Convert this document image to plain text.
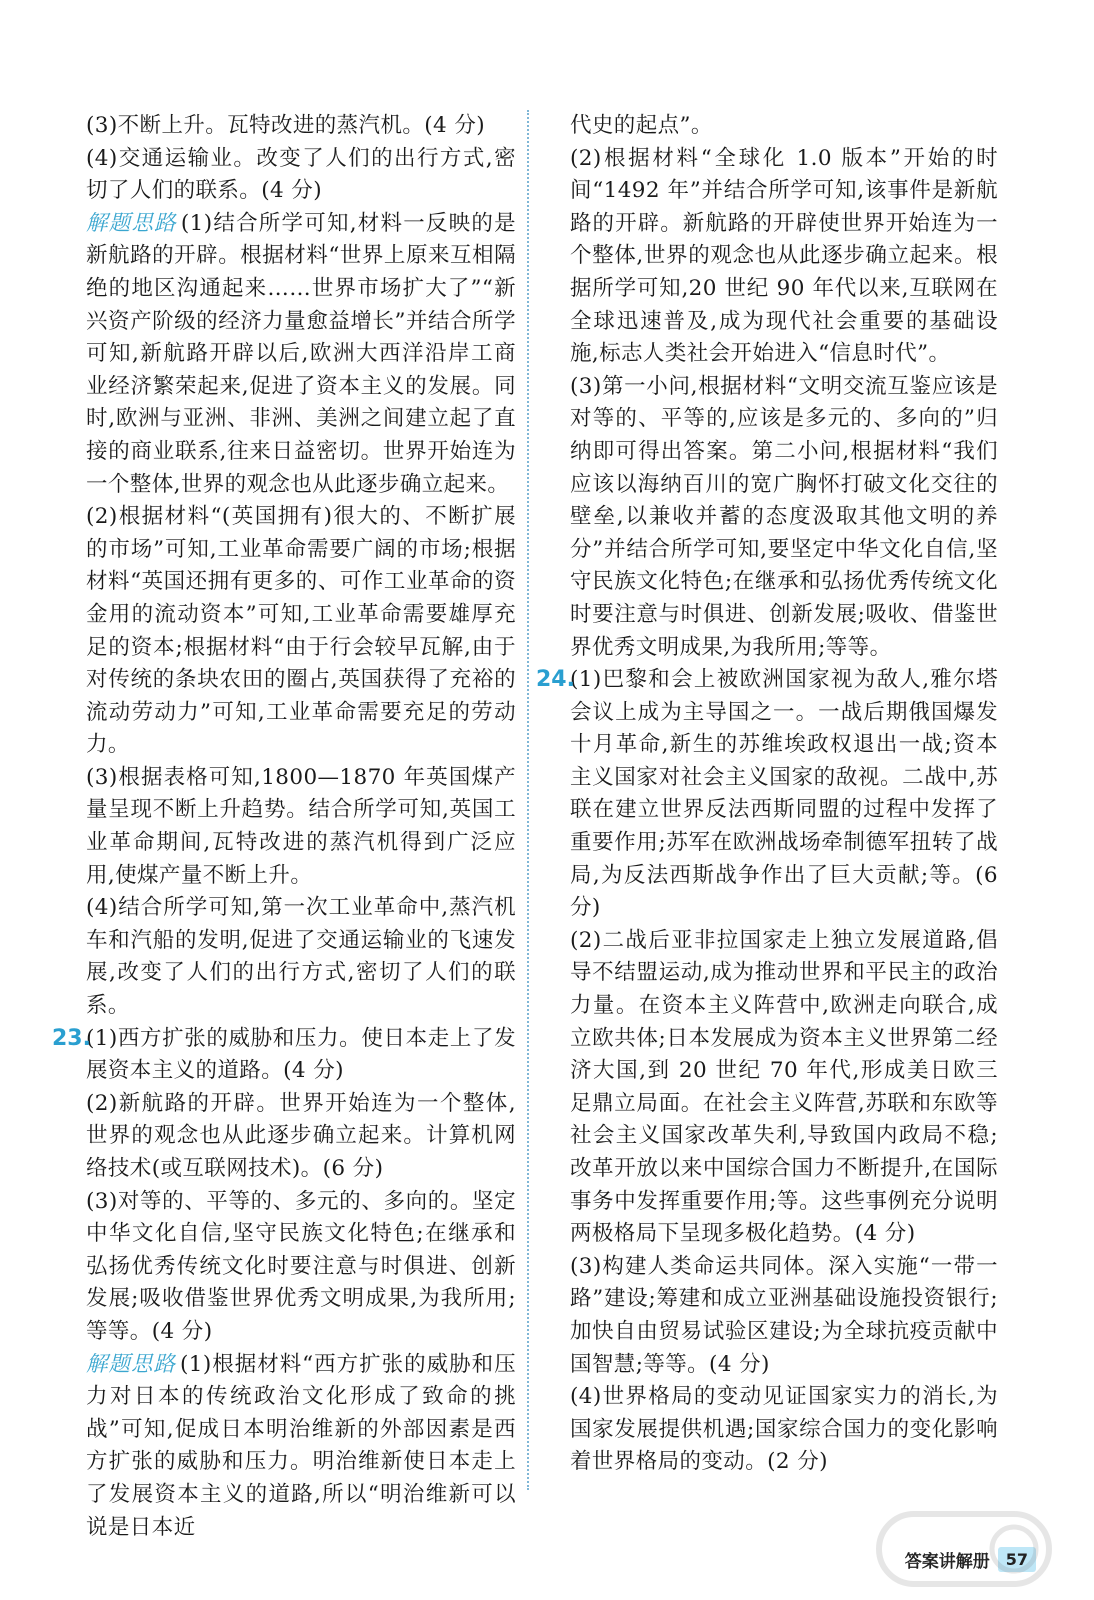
(3)不断上升。瓦特改进的蒸汽机。(4 分)

(4)交通运输业。改变了人们的出行方式,密切了人们的联系。(4 分)

解题思路 (1)结合所学可知,材料一反映的是新航路的开辟。根据材料“世界上原来互相隔绝的地区沟通起来……世界市场扩大了”“新兴资产阶级的经济力量愈益增长”并结合所学可知,新航路开辟以后,欧洲大西洋沿岸工商业经济繁荣起来,促进了资本主义的发展。同时,欧洲与亚洲、非洲、美洲之间建立起了直接的商业联系,往来日益密切。世界开始连为一个整体,世界的观念也从此逐步确立起来。

(2)根据材料“(英国拥有)很大的、不断扩展的市场”可知,工业革命需要广阔的市场;根据材料“英国还拥有更多的、可作工业革命的资金用的流动资本”可知,工业革命需要雄厚充足的资本;根据材料“由于行会较早瓦解,由于对传统的条块农田的圈占,英国获得了充裕的流动劳动力”可知,工业革命需要充足的劳动力。

(3)根据表格可知,1800—1870 年英国煤产量呈现不断上升趋势。结合所学可知,英国工业革命期间,瓦特改进的蒸汽机得到广泛应用,使煤产量不断上升。

(4)结合所学可知,第一次工业革命中,蒸汽机车和汽船的发明,促进了交通运输业的飞速发展,改变了人们的出行方式,密切了人们的联系。

23.

(1)西方扩张的威胁和压力。使日本走上了发展资本主义的道路。(4 分)

(2)新航路的开辟。世界开始连为一个整体,世界的观念也从此逐步确立起来。计算机网络技术(或互联网技术)。(6 分)

(3)对等的、平等的、多元的、多向的。坚定中华文化自信,坚守民族文化特色;在继承和弘扬优秀传统文化时要注意与时俱进、创新发展;吸收借鉴世界优秀文明成果,为我所用;等等。(4 分)

解题思路 (1)根据材料“西方扩张的威胁和压力对日本的传统政治文化形成了致命的挑战”可知,促成日本明治维新的外部因素是西方扩张的威胁和压力。明治维新使日本走上了发展资本主义的道路,所以“明治维新可以说是日本近

代史的起点”。

(2)根据材料“全球化 1.0 版本”开始的时间“1492 年”并结合所学可知,该事件是新航路的开辟。新航路的开辟使世界开始连为一个整体,世界的观念也从此逐步确立起来。根据所学可知,20 世纪 90 年代以来,互联网在全球迅速普及,成为现代社会重要的基础设施,标志人类社会开始进入“信息时代”。

(3)第一小问,根据材料“文明交流互鉴应该是对等的、平等的,应该是多元的、多向的”归纳即可得出答案。第二小问,根据材料“我们应该以海纳百川的宽广胸怀打破文化交往的壁垒,以兼收并蓄的态度汲取其他文明的养分”并结合所学可知,要坚定中华文化自信,坚守民族文化特色;在继承和弘扬优秀传统文化时要注意与时俱进、创新发展;吸收、借鉴世界优秀文明成果,为我所用;等等。

24.

(1)巴黎和会上被欧洲国家视为敌人,雅尔塔会议上成为主导国之一。一战后期俄国爆发十月革命,新生的苏维埃政权退出一战;资本主义国家对社会主义国家的敌视。二战中,苏联在建立世界反法西斯同盟的过程中发挥了重要作用;苏军在欧洲战场牵制德军扭转了战局,为反法西斯战争作出了巨大贡献;等。(6 分)

(2)二战后亚非拉国家走上独立发展道路,倡导不结盟运动,成为推动世界和平民主的政治力量。在资本主义阵营中,欧洲走向联合,成立欧共体;日本发展成为资本主义世界第二经济大国,到 20 世纪 70 年代,形成美日欧三足鼎立局面。在社会主义阵营,苏联和东欧等社会主义国家改革失利,导致国内政局不稳;改革开放以来中国综合国力不断提升,在国际事务中发挥重要作用;等。这些事例充分说明两极格局下呈现多极化趋势。(4 分)

(3)构建人类命运共同体。深入实施“一带一路”建设;筹建和成立亚洲基础设施投资银行;加快自由贸易试验区建设;为全球抗疫贡献中国智慧;等等。(4 分)

(4)世界格局的变动见证国家实力的消长,为国家发展提供机遇;国家综合国力的变化影响着世界格局的变动。(2 分)

答案讲解册	57
